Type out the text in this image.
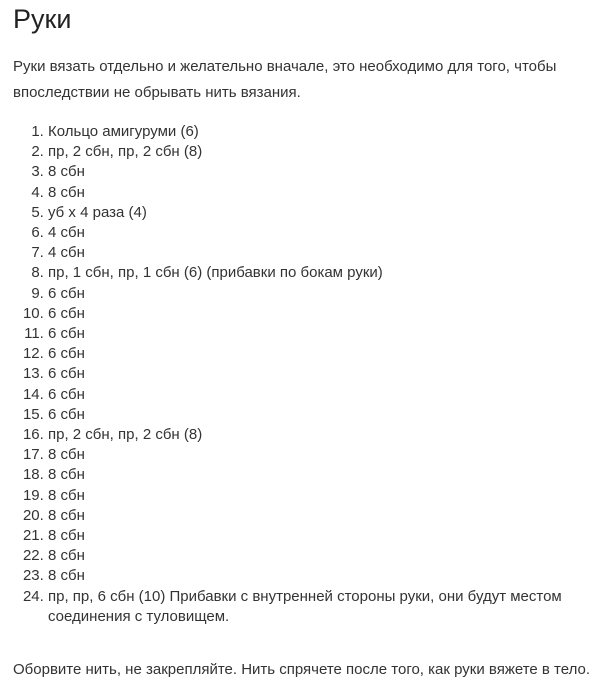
Руки

Руки вязать отдельно и желательно вначале, это необходимо для того, чтобы впоследствии не обрывать нить вязания.

1. Кольцо амигуруми (6)
2. пр, 2 сбн, пр, 2 сбн (8)
3. 8 сбн
4. 8 сбн
5. уб х 4 раза (4)
6. 4 сбн
7. 4 сбн
8. пр, 1 сбн, пр, 1 сбн (6) (прибавки по бокам руки)
9. 6 сбн
10. 6 сбн
11. 6 сбн
12. 6 сбн
13. 6 сбн
14. 6 сбн
15. 6 сбн
16. пр, 2 сбн, пр, 2 сбн (8)
17. 8 сбн
18. 8 сбн
19. 8 сбн
20. 8 сбн
21. 8 сбн
22. 8 сбн
23. 8 сбн
24. пр, пр, 6 сбн (10) Прибавки с внутренней стороны руки, они будут местом соединения с туловищем.

Оборвите нить, не закрепляйте. Нить спрячете после того, как руки вяжете в тело.
